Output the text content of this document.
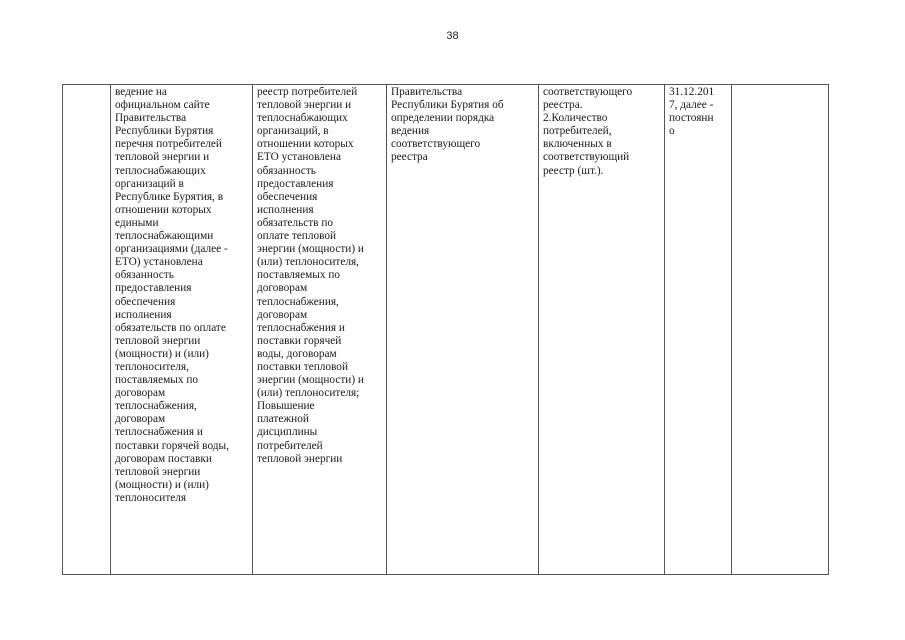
38
	ведение на
официальном сайте
Правительства
Республики Бурятия
перечня потребителей
тепловой энергии и
теплоснабжающих
организаций в
Республике Бурятия, в
отношении которых
едиными
теплоснабжающими
организациями (далее -
ЕТО) установлена
обязанность
предоставления
обеспечения
исполнения
обязательств по оплате
тепловой энергии
(мощности) и (или)
теплоносителя,
поставляемых по
договорам
теплоснабжения,
договорам
теплоснабжения и
поставки горячей воды,
договорам поставки
тепловой энергии
(мощности) и (или)
теплоносителя	реестр потребителей
тепловой энергии и
теплоснабжающих
организаций, в
отношении которых
ЕТО установлена
обязанность
предоставления
обеспечения
исполнения
обязательств по
оплате тепловой
энергии (мощности) и
(или) теплоносителя,
поставляемых по
договорам
теплоснабжения,
договорам
теплоснабжения и
поставки горячей
воды, договорам
поставки тепловой
энергии (мощности) и
(или) теплоносителя;
Повышение
платежной
дисциплины
потребителей
тепловой энергии	Правительства
Республики Бурятия об
определении порядка
ведения
соответствующего
реестра	соответствующего
реестра.
2.Количество
потребителей,
включенных в
соответствующий
реестр (шт.).	31.12.201
7, далее -
постоянн
о	
